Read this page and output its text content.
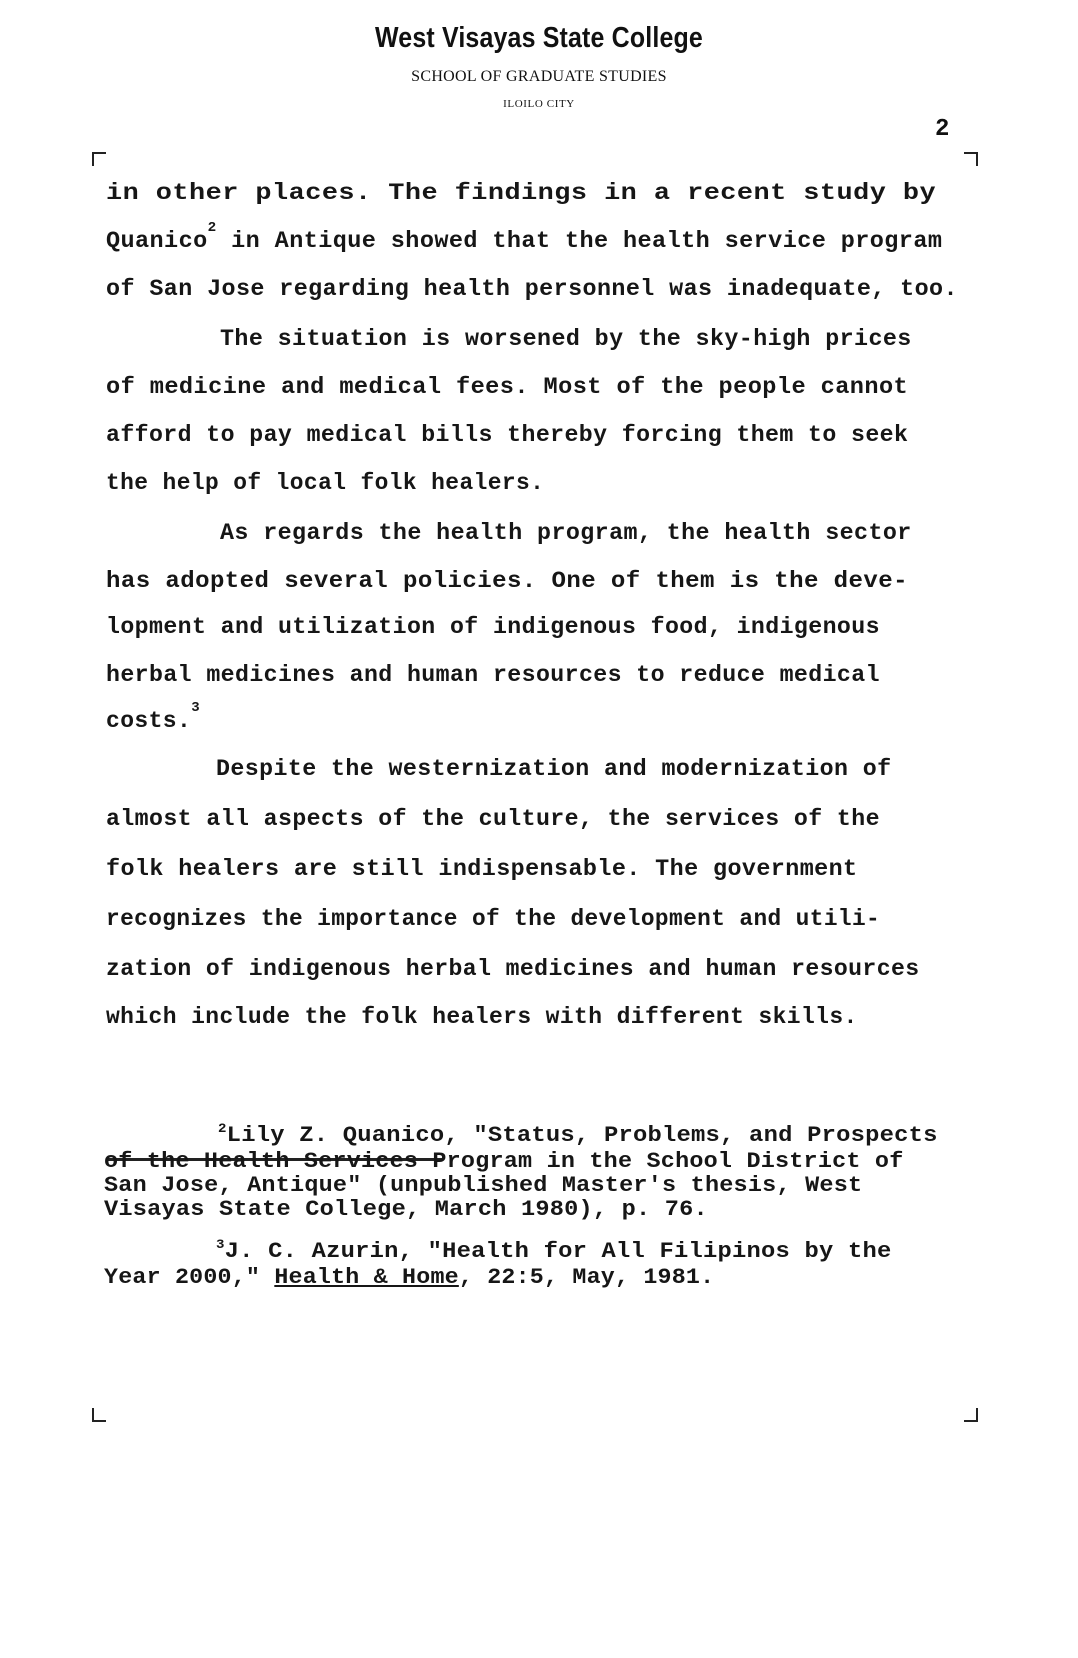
West Visayas State College
SCHOOL OF GRADUATE STUDIES
ILOILO CITY
2
in other places. The findings in a recent study by
Quanico$^2$ in Antique showed that the health service program
of San Jose regarding health personnel was inadequate, too.
The situation is worsened by the sky-high prices
of medicine and medical fees. Most of the people cannot
afford to pay medical bills thereby forcing them to seek
the help of local folk healers.
As regards the health program, the health sector
has adopted several policies. One of them is the deve-
lopment and utilization of indigenous food, indigenous
herbal medicines and human resources to reduce medical
costs.$^3$
Despite the westernization and modernization of
almost all aspects of the culture, the services of the
folk healers are still indispensable. The government
recognizes the importance of the development and utili-
zation of indigenous herbal medicines and human resources
which include the folk healers with different skills.
$^2$Lily Z. Quanico, "Status, Problems, and Prospects
of the Health Services Program in the School District of
San Jose, Antique" (unpublished Master's thesis, West
Visayas State College, March 1980), p. 76.
$^3$J. C. Azurin, "Health for All Filipinos by the
Year 2000," Health & Home, 22:5, May, 1981.
